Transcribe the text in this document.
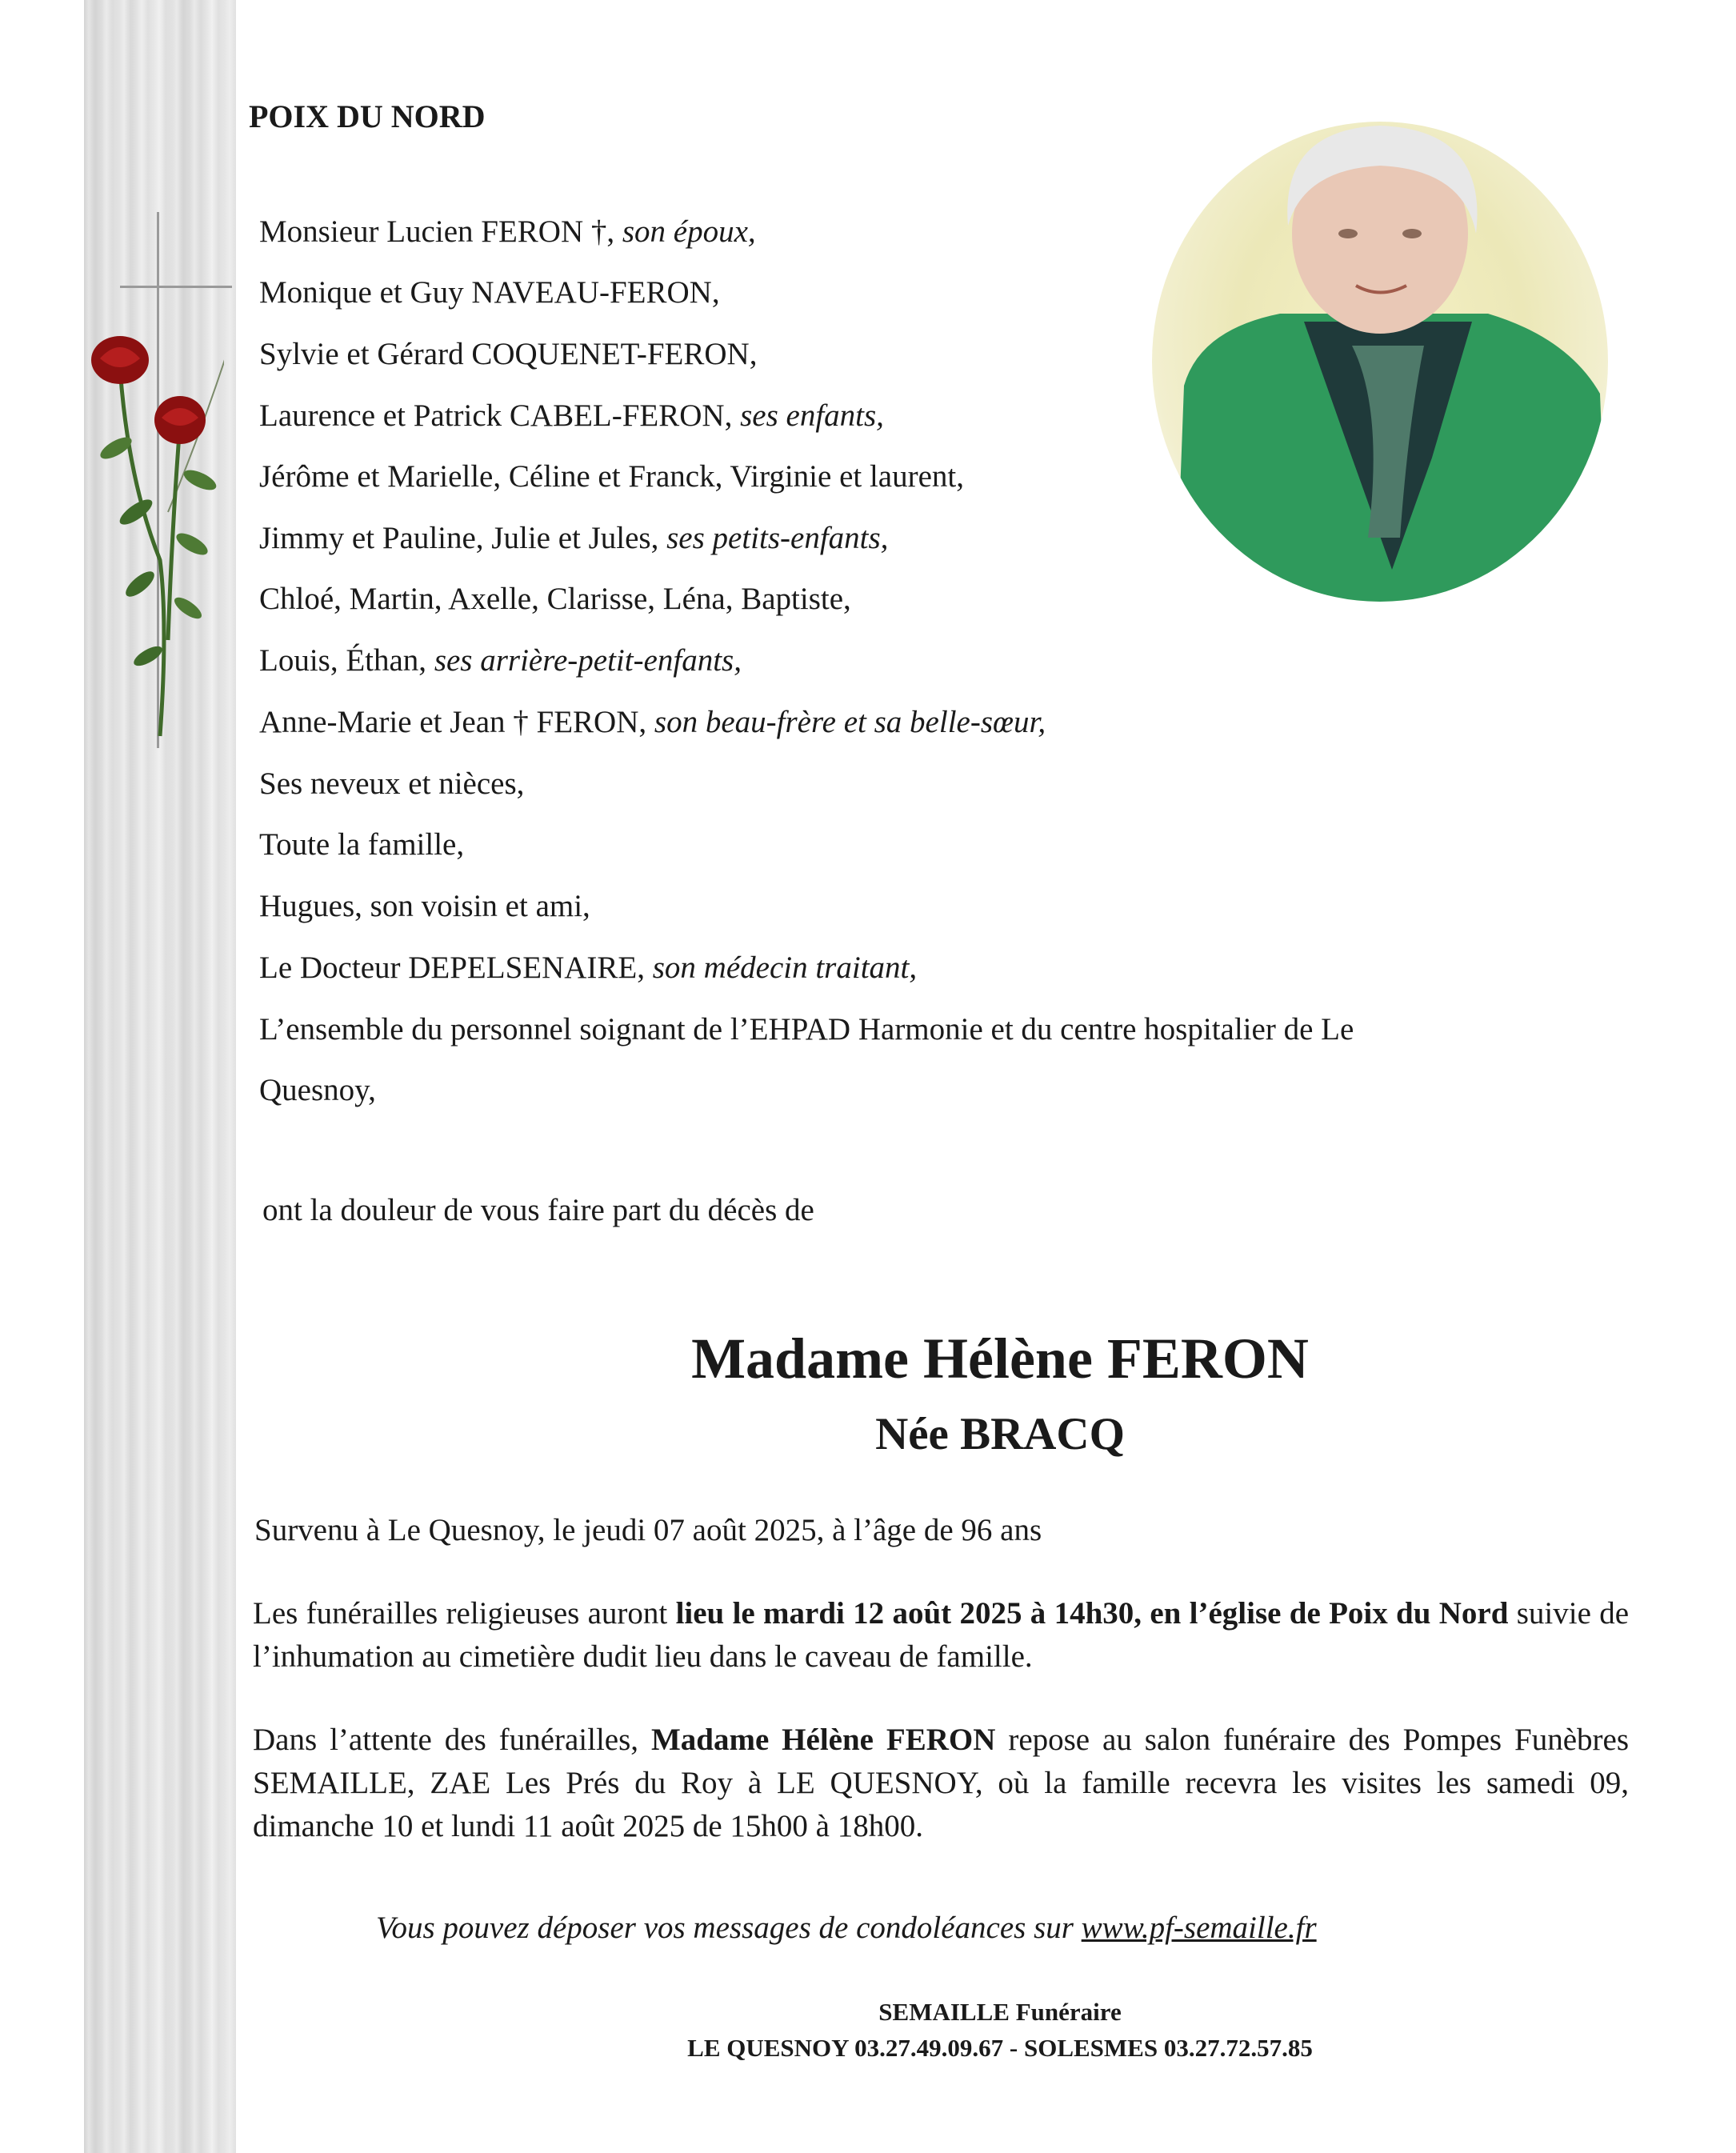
POIX DU NORD
Monsieur Lucien FERON †, son époux,
Monique et Guy NAVEAU-FERON,
Sylvie et Gérard COQUENET-FERON,
Laurence et Patrick CABEL-FERON, ses enfants,
Jérôme et Marielle, Céline et Franck, Virginie et laurent,
Jimmy et Pauline, Julie et Jules, ses petits-enfants,
Chloé, Martin, Axelle, Clarisse, Léna, Baptiste,
Louis, Éthan, ses arrière-petit-enfants,
Anne-Marie et Jean † FERON, son beau-frère et sa belle-sœur,
Ses neveux et nièces,
Toute la famille,
Hugues, son voisin et ami,
Le Docteur DEPELSENAIRE, son médecin traitant,
L’ensemble du personnel soignant de l’EHPAD Harmonie et du centre hospitalier de Le
Quesnoy,
ont la douleur de vous faire part du décès de
Madame Hélène FERON
Née BRACQ
Survenu à Le Quesnoy, le jeudi 07 août 2025, à l’âge de 96 ans
Les funérailles religieuses auront lieu le mardi 12 août 2025 à 14h30, en l’église de Poix du Nord suivie de l’inhumation au cimetière dudit lieu dans le caveau de famille.
Dans l’attente des funérailles, Madame Hélène FERON repose au salon funéraire des Pompes Funèbres SEMAILLE, ZAE Les Prés du Roy à LE QUESNOY, où la famille recevra les visites les samedi 09, dimanche 10 et lundi 11 août 2025 de 15h00 à 18h00.
Vous pouvez déposer vos messages de condoléances sur www.pf-semaille.fr
SEMAILLE Funéraire
LE QUESNOY 03.27.49.09.67 - SOLESMES 03.27.72.57.85
